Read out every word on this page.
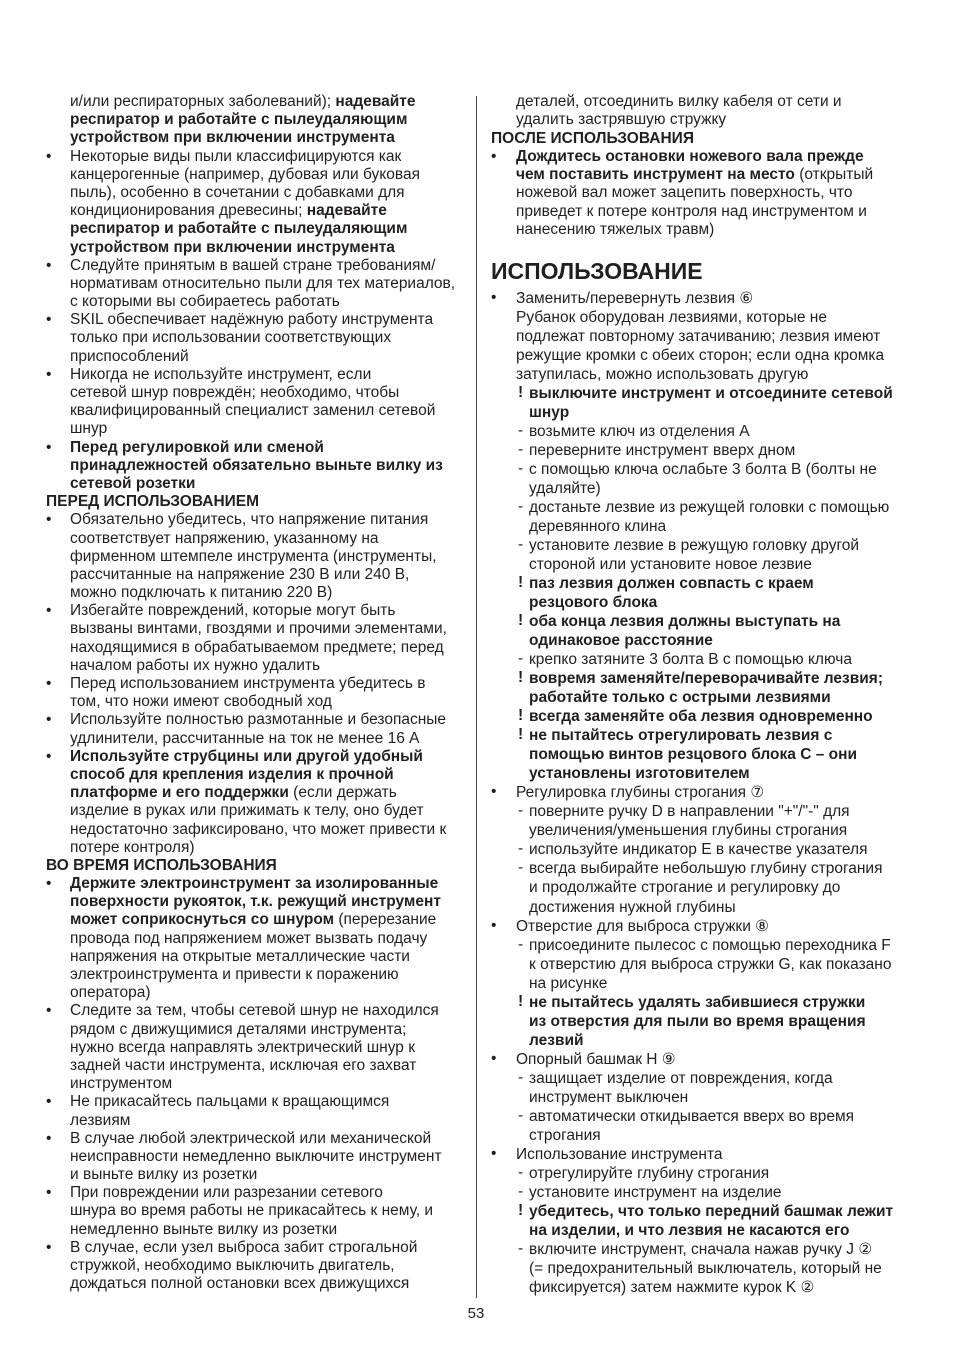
и/или респираторных заболеваний); надевайте
респиратор и работайте с пылеудаляющим
устройством при включении инструмента
•	Некоторые виды пыли классифицируются как
канцерогенные (например, дубовая или буковая
пыль), особенно в сочетании с добавками для
кондиционирования древесины; надевайте
респиратор и работайте с пылеудаляющим
устройством при включении инструмента
•	Следуйте принятым в вашей стране требованиям/
нормативам относительно пыли для тех материалов,
с которыми вы собираетесь работать
•	SKIL обеспечивает надёжную работу инструмента
только при использовании соответствующих
приспособлений
•	Никогда не используйте инструмент, если
сетевой шнур повреждён; необходимо, чтобы
квалифицированный специалист заменил сетевой
шнур
•	Перед регулировкой или сменой
принадлежностей обязательно выньте вилку из
сетевой розетки
ПЕРЕД ИСПОЛЬЗОВАНИЕМ
•	Обязательно убедитесь, что напряжение питания
соответствует напряжению, указанному на
фирменном штемпеле инструмента (инструменты,
рассчитанные на напряжение 230 В или 240 В,
можно подключать к питанию 220 В)
•	Избегайте повреждений, которые могут быть
вызваны винтами, гвоздями и прочими элементами,
находящимися в обрабатываемом предмете; перед
началом работы их нужно удалить
•	Перед использованием инструмента убедитесь в
том, что ножи имеют свободный ход
•	Используйте полностью размотанные и безопасные
удлинители, рассчитанные на ток не менее 16 A
•	Используйте струбцины или другой удобный
способ для крепления изделия к прочной
платформе и его поддержки (если держать
изделие в руках или прижимать к телу, оно будет
недостаточно зафиксировано, что может привести к
потере контроля)
ВО ВРЕМЯ ИСПОЛЬЗОВАНИЯ
•	Держите электроинструмент за изолированные
поверхности рукояток, т.к. режущий инструмент
может соприкоснуться со шнуром (перерезание
провода под напряжением может вызвать подачу
напряжения на открытые металлические части
электроинструмента и привести к поражению
оператора)
•	Следите за тем, чтобы сетевой шнур не находился
рядом с движущимися деталями инструмента;
нужно всегда направлять электрический шнур к
задней части инструмента, исключая его захват
инструментом
•	Не прикасайтесь пальцами к вращающимся
лезвиям
•	В случае любой электрической или механической
неисправности немедленно выключите инструмент
и выньте вилку из розетки
•	При повреждении или разрезании сетевого
шнура во время работы не прикасайтесь к нему, и
немедленно выньте вилку из розетки
•	В случае, если узел выброса забит строгальной
стружкой, необходимо выключить двигатель,
дождаться полной остановки всех движущихся
деталей, отсоединить вилку кабеля от сети и
удалить застрявшую стружку
ПОСЛЕ ИСПОЛЬЗОВАНИЯ
•	Дождитесь остановки ножевого вала прежде
чем поставить инструмент на место (открытый
ножевой вал может зацепить поверхность, что
приведет к потере контроля над инструментом и
нанесению тяжелых травм)
ИСПОЛЬЗОВАНИЕ
•	Заменить/перевернуть лезвия ⑥
Рубанок оборудован лезвиями, которые не
подлежат повторному затачиванию; лезвия имеют
режущие кромки с обеих сторон; если одна кромка
затупилась, можно использовать другую
! выключите инструмент и отсоедините сетевой
шнур
- возьмите ключ из отделения A
- переверните инструмент вверх дном
- с помощью ключа ослабьте 3 болта B (болты не
удаляйте)
- достаньте лезвие из режущей головки с помощью
деревянного клина
- установите лезвие в режущую головку другой
стороной или установите новое лезвие
! паз лезвия должен совпасть с краем
резцового блока
! оба конца лезвия должны выступать на
одинаковое расстояние
- крепко затяните 3 болта B с помощью ключа
! вовремя заменяйте/переворачивайте лезвия;
работайте только с острыми лезвиями
! всегда заменяйте оба лезвия одновременно
! не пытайтесь отрегулировать лезвия с
помощью винтов резцового блока C – они
установлены изготовителем
•	Регулировка глубины строгания ⑦
- поверните ручку D в направлении "+"/"-" для
увеличения/уменьшения глубины строгания
- используйте индикатор E в качестве указателя
- всегда выбирайте небольшую глубину строгания
и продолжайте строгание и регулировку до
достижения нужной глубины
•	Отверстие для выброса стружки ⑧
- присоедините пылесос с помощью переходника F
к отверстию для выброса стружки G, как показано
на рисунке
! не пытайтесь удалять забившиеся стружки
из отверстия для пыли во время вращения
лезвий
•	Опорный башмак H ⑨
- защищает изделие от повреждения, когда
инструмент выключен
- автоматически откидывается вверх во время
строгания
•	Использование инструмента
- отрегулируйте глубину строгания
- установите инструмент на изделие
! убедитесь, что только передний башмак лежит
на изделии, и что лезвия не касаются его
- включите инструмент, сначала нажав ручку J ②
(= предохранительный выключатель, который не
фиксируется) затем нажмите курок K ②
53
